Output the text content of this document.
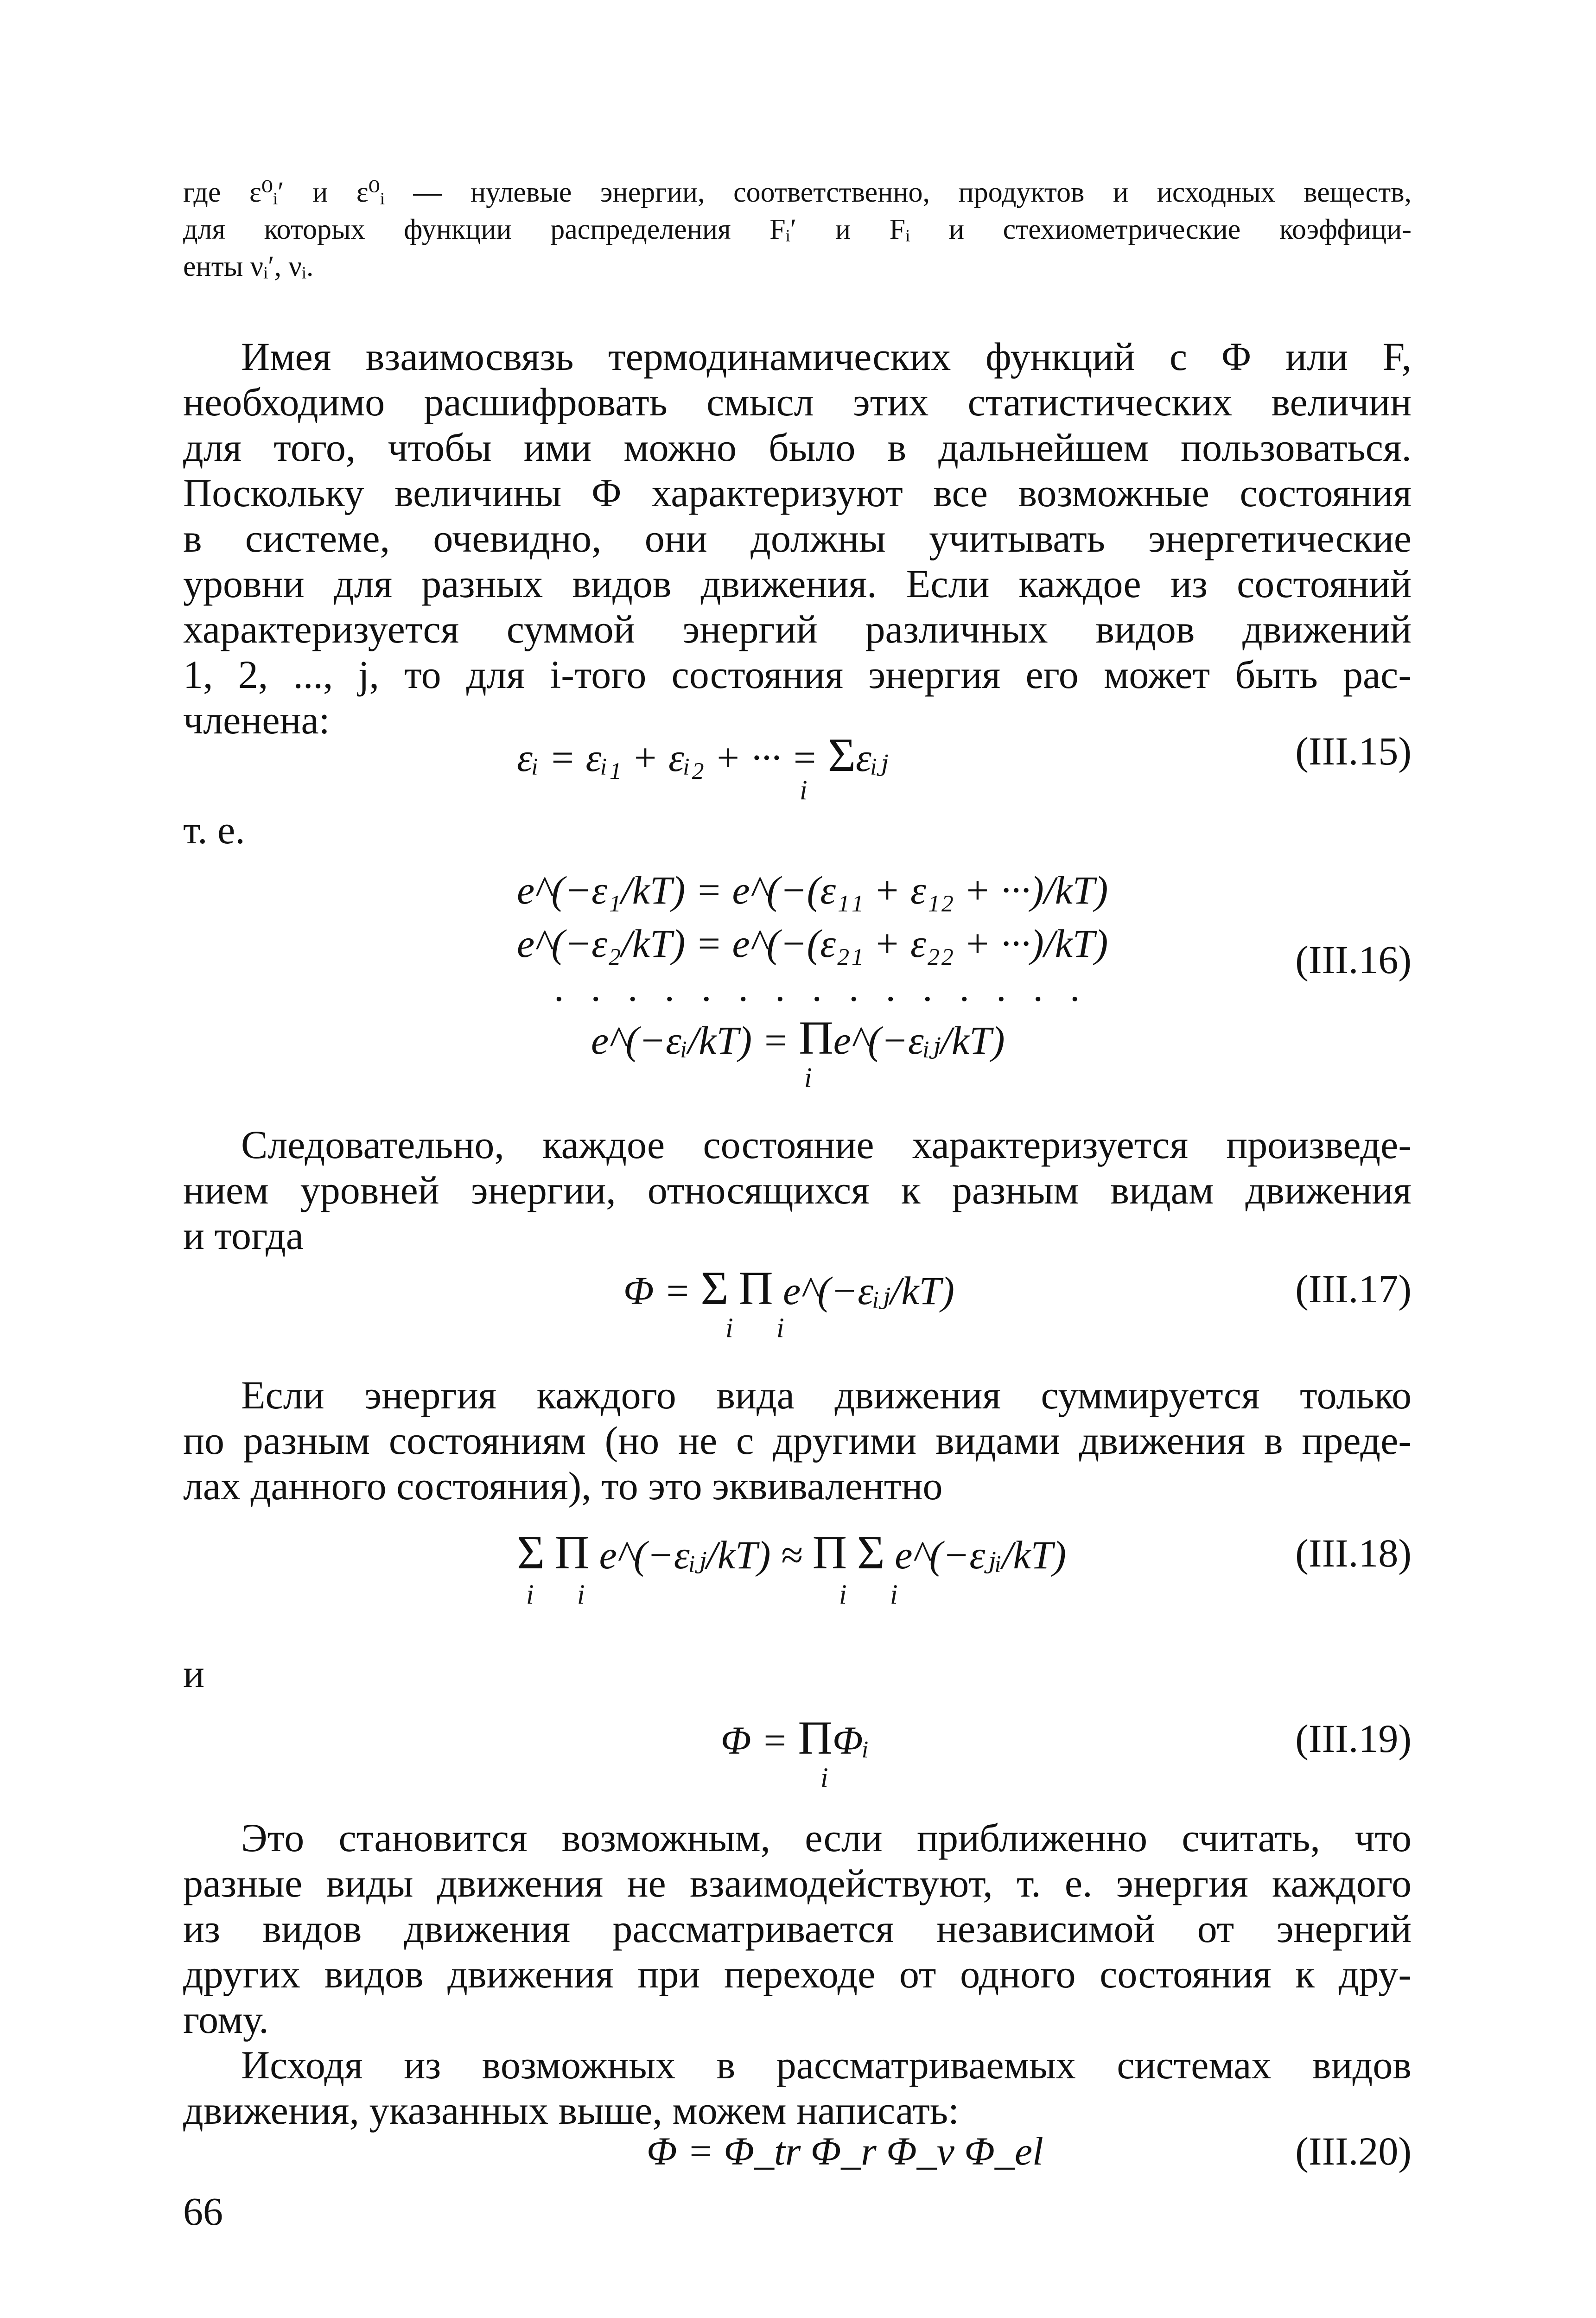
где ε⁰ᵢ′ и ε⁰ᵢ — нулевые энергии, соответственно, продуктов и исходных веществ,
для которых функции распределения Fᵢ′ и Fᵢ и стехиометрические коэффици-
енты νᵢ′, νᵢ.
Имея взаимосвязь термодинамических функций с Φ или F,
необходимо расшифровать смысл этих статистических величин
для того, чтобы ими можно было в дальнейшем пользоваться.
Поскольку величины Φ характеризуют все возможные состояния
в системе, очевидно, они должны учитывать энергетические
уровни для разных видов движения. Если каждое из состояний
характеризуется суммой энергий различных видов движений
1, 2, ..., j, то для i-того состояния энергия его может быть рас-
членена:
εᵢ = εᵢ₁ + εᵢ₂ + ··· = Σεᵢⱼ
i
(III.15)
т. е.
e^(−ε₁/kT) = e^(−(ε₁₁ + ε₁₂ + ···)/kT)
e^(−ε₂/kT) = e^(−(ε₂₁ + ε₂₂ + ···)/kT)
...............
e^(−εᵢ/kT) = Πe^(−εᵢⱼ/kT)
i
(III.16)
Следовательно, каждое состояние характеризуется произведе-
нием уровней энергии, относящихся к разным видам движения
и тогда
Φ = Σ Π e^(−εᵢⱼ/kT)
i i
(III.17)
Если энергия каждого вида движения суммируется только
по разным состояниям (но не с другими видами движения в преде-
лах данного состояния), то это эквивалентно
Σ Π e^(−εᵢⱼ/kT) ≈ Π Σ e^(−εⱼᵢ/kT)
i i	i i
(III.18)
и
Φ = ΠΦᵢ
i
(III.19)
Это становится возможным, если приближенно считать, что
разные виды движения не взаимодействуют, т. е. энергия каждого
из видов движения рассматривается независимой от энергий
других видов движения при переходе от одного состояния к дру-
гому.
Исходя из возможных в рассматриваемых системах видов
движения, указанных выше, можем написать:
Φ = Φ_tr Φ_r Φ_v Φ_el	(III.20)
66
